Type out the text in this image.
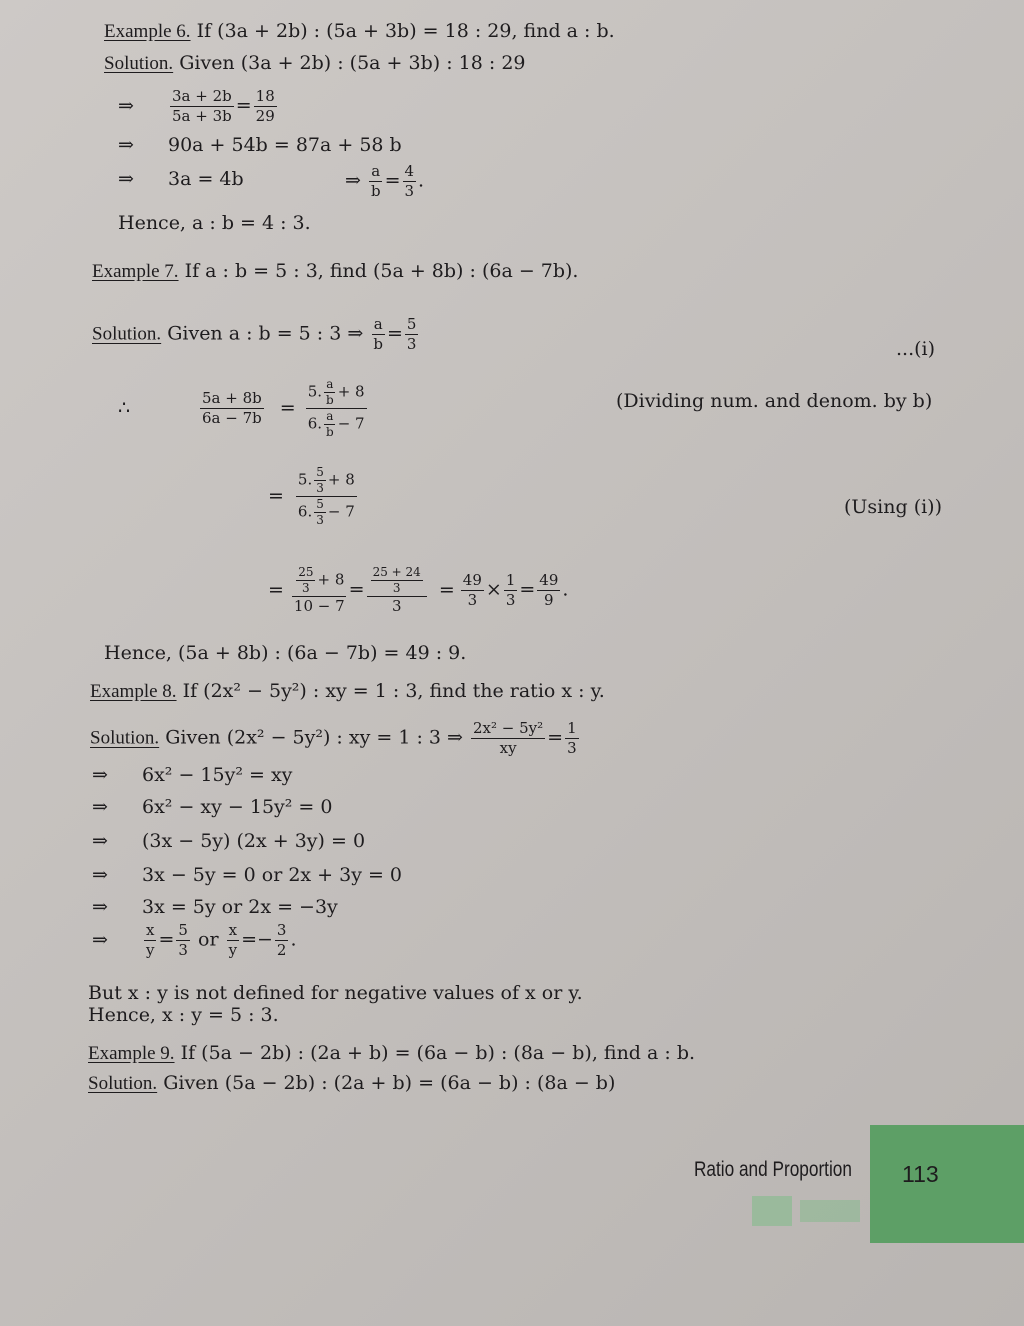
Example 6. If (3a + 2b) : (5a + 3b) = 18 : 29, find a : b.
Solution. Given (3a + 2b) : (5a + 3b) : 18 : 29
⇒ $\frac{3a + 2b}{5a + 3b} = \frac{18}{29}$
⇒ 90a + 54b = 87a + 58 b
⇒ 3a = 4b	⇒ $\frac{a}{b} = \frac{4}{3}$ .
Hence, a : b = 4 : 3.
Example 7. If a : b = 5 : 3, find (5a + 8b) : (6a − 7b).
Solution. Given a : b = 5 : 3 ⇒ $\frac{a}{b} = \frac{5}{3}$	...(i)
∴	$\frac{5a + 8b}{6a - 7b} = \frac{5. \frac{a}{b} + 8}{6. \frac{a}{b} - 7}$	(Dividing num. and denom. by b)
= $\frac{5. \frac{5}{3} + 8}{6. \frac{5}{3} - 7}$	(Using (i))
= $\frac{\frac{25}{3} + 8}{10 - 7} = \frac{\frac{25 + 24}{3}}{3} = \frac{49}{3} \times \frac{1}{3} = \frac{49}{9}$ .
Hence, (5a + 8b) : (6a − 7b) = 49 : 9.
Example 8. If (2x² − 5y²) : xy = 1 : 3, find the ratio x : y.
Solution. Given (2x² − 5y²) : xy = 1 : 3 ⇒ $\frac{\text{2x² − 5y²}}{xy} = \frac{1}{3}$
⇒ 6x² − 15y² = xy
⇒ 6x² − xy − 15y² = 0
⇒ (3x − 5y) (2x + 3y) = 0
⇒ 3x − 5y = 0 or 2x + 3y = 0
⇒ 3x = 5y or 2x = −3y
⇒ $\frac{x}{y} = \frac{5}{3}$ or $\frac{x}{y} =- \frac{3}{2}$ .
But x : y is not defined for negative values of x or y.
Hence, x : y = 5 : 3.
Example 9. If (5a − 2b) : (2a + b) = (6a − b) : (8a − b), find a : b.
Solution. Given (5a − 2b) : (2a + b) = (6a − b) : (8a − b)
Ratio and Proportion 113
